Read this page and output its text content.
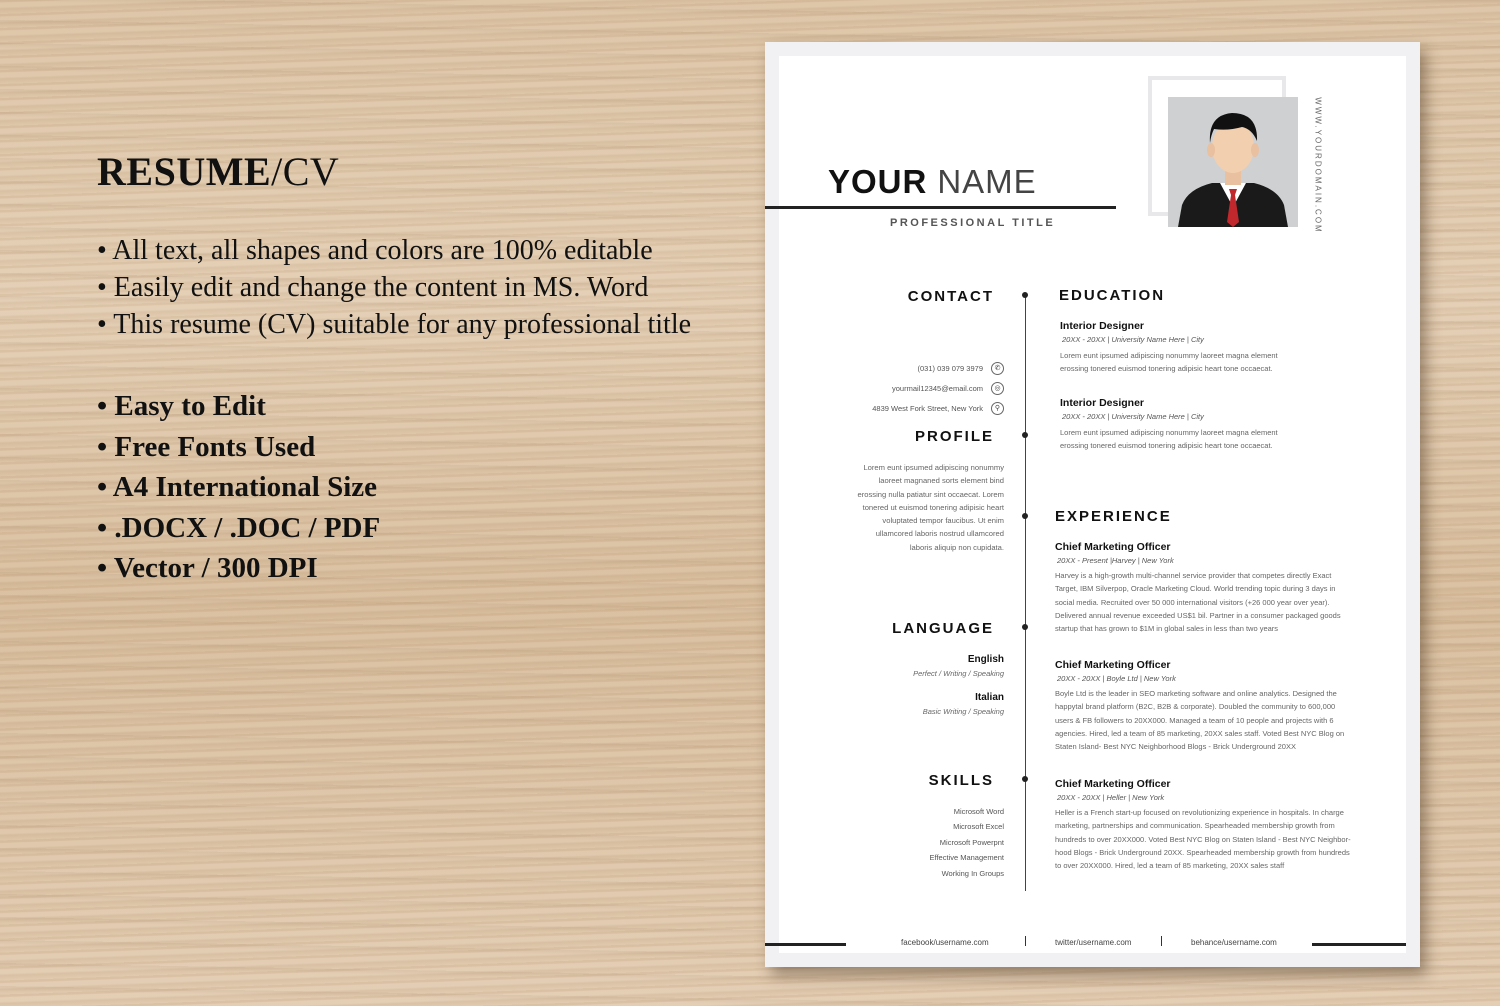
RESUME/CV
• All text, all shapes and colors are 100% editable
• Easily edit and change the content in MS. Word
• This resume (CV) suitable for any professional title
• Easy to Edit
• Free Fonts Used
• A4 International Size
• .DOCX / .DOC / PDF
• Vector / 300 DPI
YOUR NAME
PROFESSIONAL TITLE	WWW.YOURDOMAIN.COM
CONTACT
(031) 039 079 3979	✆
yourmail12345@email.com	◎
4839 West Fork Street, New York	⚲
PROFILE
Lorem eunt ipsumed adipiscing nonummy laoreet magnaned sorts element bind erossing nulla patiatur sint occaecat. Lorem tonered ut euismod tonering adipisic heart voluptated tempor faucibus. Ut enim ullamcored laboris nostrud ullamcored laboris aliquip non cupidata.
LANGUAGE
English
Perfect / Writing / Speaking
Italian
Basic Writing / Speaking
SKILLS
Microsoft Word
Microsoft Excel
Microsoft Powerpnt
Effective Management
Working In Groups
EDUCATION
Interior Designer
20XX - 20XX | University Name Here | City
Lorem eunt ipsumed adipiscing nonummy laoreet magna element
erossing tonered euismod tonering adipisic heart tone occaecat.
Interior Designer
20XX - 20XX | University Name Here | City
Lorem eunt ipsumed adipiscing nonummy laoreet magna element
erossing tonered euismod tonering adipisic heart tone occaecat.
EXPERIENCE
Chief Marketing Officer
20XX - Present |Harvey | New York
Harvey is a high-growth multi-channel service provider that competes directly Exact
Target, IBM Silverpop, Oracle Marketing Cloud. World trending topic during 3 days in
social media. Recruited over 50 000 international visitors (+26 000 year over year).
Delivered annual revenue exceeded US$1 bil. Partner in a consumer packaged goods
startup that has grown to $1M in global sales in less than two years
Chief Marketing Officer
20XX - 20XX | Boyle Ltd | New York
Boyle Ltd is the leader in SEO marketing software and online analytics. Designed the
happytal brand platform (B2C, B2B & corporate). Doubled the community to 600,000
users & FB followers to 20XX000. Managed a team of 10 people and projects with 6
agencies. Hired, led a team of 85 marketing, 20XX sales staff. Voted Best NYC Blog on
Staten Island- Best NYC Neighborhood Blogs - Brick Underground 20XX
Chief Marketing Officer
20XX - 20XX | Heller | New York
Heller is a French start-up focused on revolutionizing experience in hospitals. In charge
marketing, partnerships and communication. Spearheaded membership growth from
hundreds to over 20XX000. Voted Best NYC Blog on Staten Island - Best NYC Neighbor-
hood Blogs - Brick Underground 20XX. Spearheaded membership growth from hundreds
to over 20XX000. Hired, led a team of 85 marketing, 20XX sales staff
facebook/username.com	twitter/username.com	behance/username.com
